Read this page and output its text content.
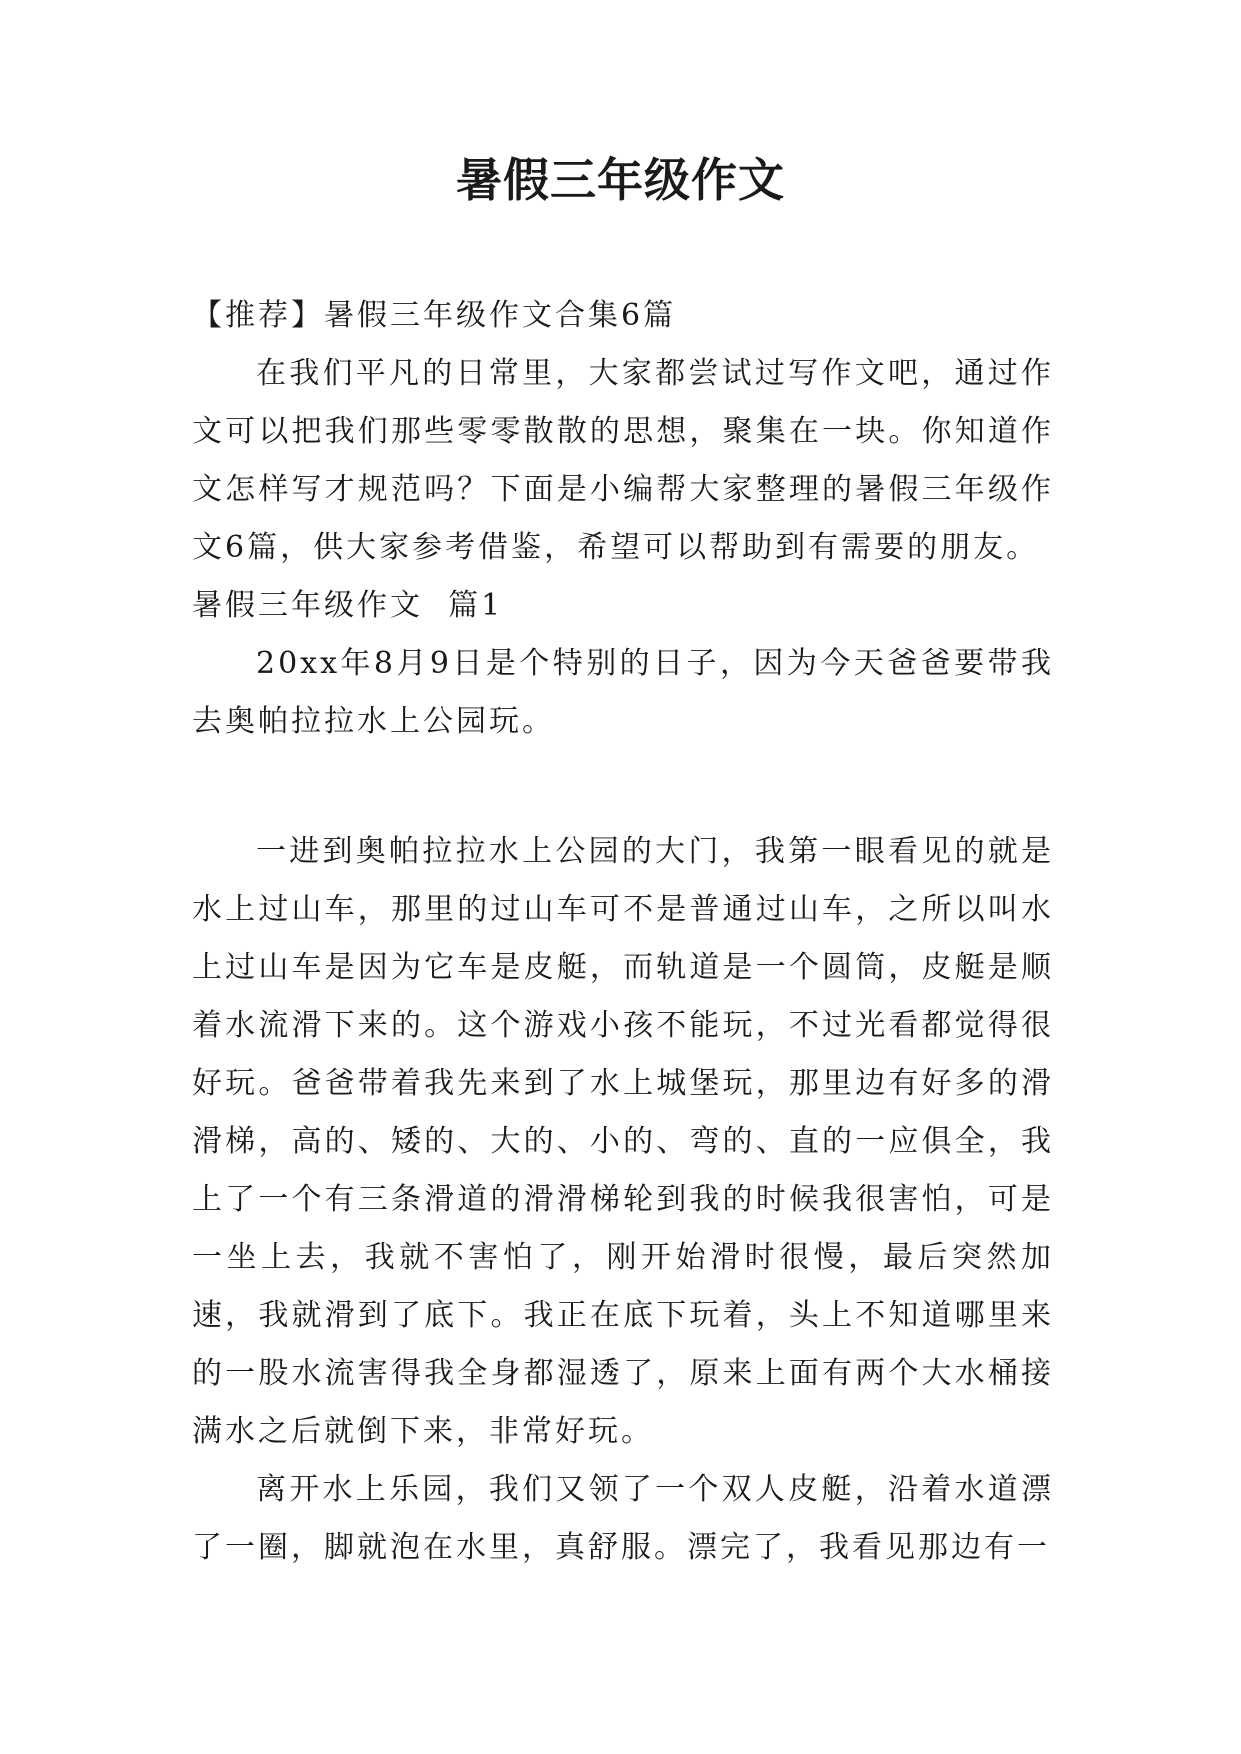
暑假三年级作文

【推荐】暑假三年级作文合集6篇

在我们平凡的日常里，大家都尝试过写作文吧，通过作文可以把我们那些零零散散的思想，聚集在一块。你知道作文怎样写才规范吗？下面是小编帮大家整理的暑假三年级作文6篇，供大家参考借鉴，希望可以帮助到有需要的朋友。

暑假三年级作文  篇1

20xx年8月9日是个特别的日子，因为今天爸爸要带我去奥帕拉拉水上公园玩。

一进到奥帕拉拉水上公园的大门，我第一眼看见的就是水上过山车，那里的过山车可不是普通过山车，之所以叫水上过山车是因为它车是皮艇，而轨道是一个圆筒，皮艇是顺着水流滑下来的。这个游戏小孩不能玩，不过光看都觉得很好玩。爸爸带着我先来到了水上城堡玩，那里边有好多的滑滑梯，高的、矮的、大的、小的、弯的、直的一应俱全，我上了一个有三条滑道的滑滑梯轮到我的时候我很害怕，可是一坐上去，我就不害怕了，刚开始滑时很慢，最后突然加速，我就滑到了底下。我正在底下玩着，头上不知道哪里来的一股水流害得我全身都湿透了，原来上面有两个大水桶接满水之后就倒下来，非常好玩。

离开水上乐园，我们又领了一个双人皮艇，沿着水道漂了一圈，脚就泡在水里，真舒服。漂完了，我看见那边有一
